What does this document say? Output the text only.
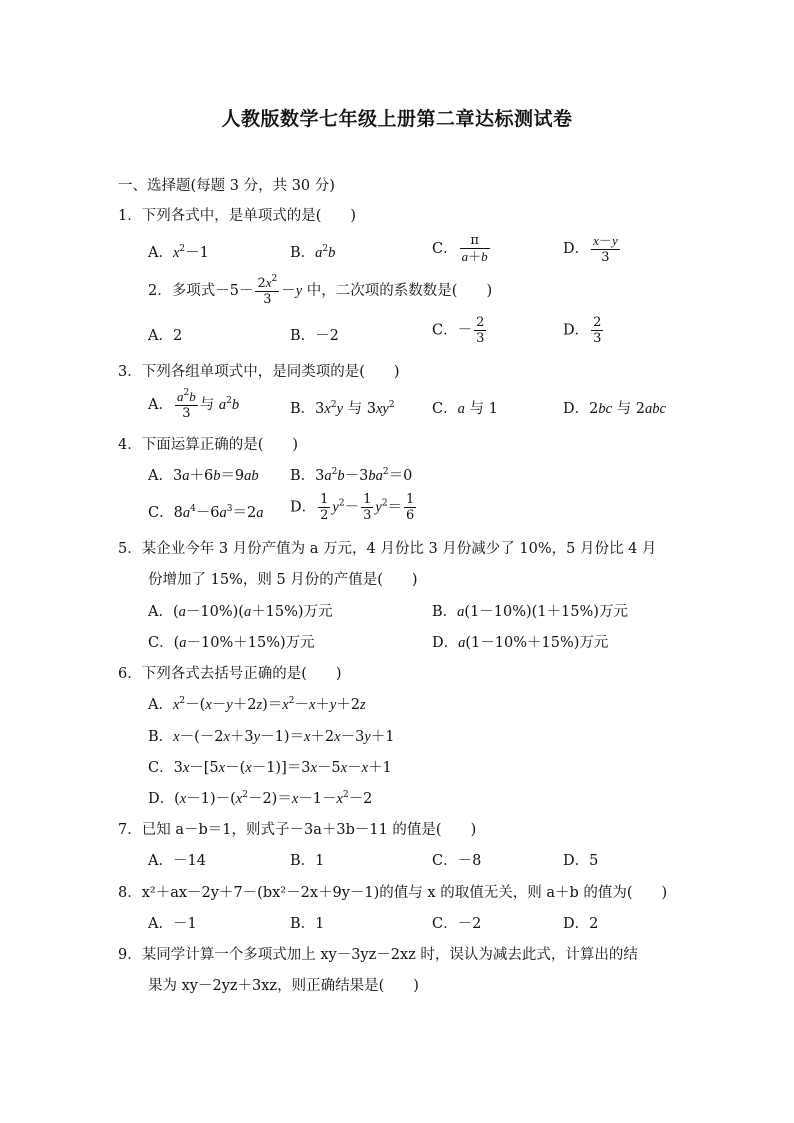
人教版数学七年级上册第二章达标测试卷
一、选择题(每题 3 分，共 30 分)
1．下列各式中，是单项式的是(　　)
A．$x^2-1$	B．$a^2b$	C． $\frac{\pi}{a+b}$	D． $\frac{x-y}{3}$
2．多项式$-5- \frac{2x^2}{3} -y$ 中，二次项的系数数是(　　)
A．2	B．－2	C．－ $\frac{2}{3}$	D． $\frac{2}{3}$
3．下列各组单项式中，是同类项的是(　　)
A． $\frac{a^2b}{3}$ 与 $a^2b$	B．$3x^2y$ 与 $3xy^2$	C．a 与 1	D．2bc 与 2abc
4．下面运算正确的是(　　)
A．3a＋6b＝9ab B．$3a^2b-3ba^2=0$
C．$8a^4-6a^3=2a$ D． $\frac{1}{2} y^2- \frac{1}{3} y^2= \frac{1}{6}$
5．某企业今年 3 月份产值为 a 万元，4 月份比 3 月份减少了 10%，5 月份比 4 月
份增加了 15%，则 5 月份的产值是(　　)
A．(a－10%)(a＋15%)万元	B．a(1－10%)(1＋15%)万元
C．(a－10%＋15%)万元	D．a(1－10%＋15%)万元
6．下列各式去括号正确的是(　　)
A．$x^2-(x-y+2z)=x^2-x+y+2z$
B．x－(－2x＋3y－1)＝x＋2x－3y＋1
C．3x－[5x－(x－1)]＝3x－5x－x＋1
D．$(x-1)-(x^2-2)=x-1-x^2-2$
7．已知 a－b＝1，则式子－3a＋3b－11 的值是(　　)
A．－14	B．1	C．－8	D．5
8．x²＋ax－2y＋7－(bx²－2x＋9y－1)的值与 x 的取值无关，则 a＋b 的值为(　　)
A．－1	B．1	C．－2	D．2
9．某同学计算一个多项式加上 xy－3yz－2xz 时，误认为减去此式，计算出的结
果为 xy－2yz＋3xz，则正确结果是(　　)
